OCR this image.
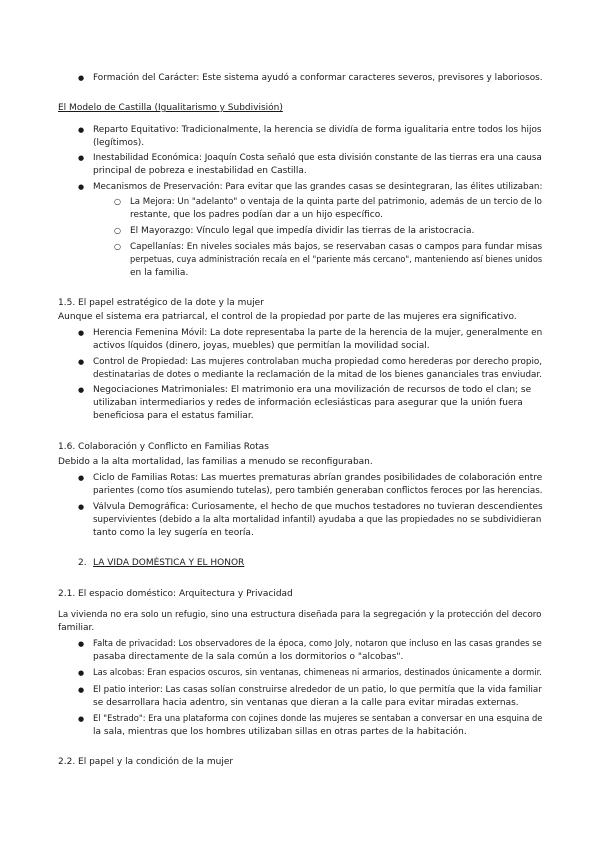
● Formación del Carácter: Este sistema ayudó a conformar caracteres severos, previsores y laboriosos.
El Modelo de Castilla (Igualitarismo y Subdivisión)
● Reparto Equitativo: Tradicionalmente, la herencia se dividía de forma igualitaria entre todos los hijos
(legítimos).
● Inestabilidad Económica: Joaquín Costa señaló que esta división constante de las tierras era una causa
principal de pobreza e inestabilidad en Castilla.
● Mecanismos de Preservación: Para evitar que las grandes casas se desintegraran, las élites utilizaban:
○ La Mejora: Un "adelanto" o ventaja de la quinta parte del patrimonio, además de un tercio de lo
restante, que los padres podían dar a un hijo específico.
○ El Mayorazgo: Vínculo legal que impedía dividir las tierras de la aristocracia.
○ Capellanías: En niveles sociales más bajos, se reservaban casas o campos para fundar misas
perpetuas, cuya administración recaía en el "pariente más cercano", manteniendo así bienes unidos
en la familia.
1.5. El papel estratégico de la dote y la mujer
Aunque el sistema era patriarcal, el control de la propiedad por parte de las mujeres era significativo.
● Herencia Femenina Móvil: La dote representaba la parte de la herencia de la mujer, generalmente en
activos líquidos (dinero, joyas, muebles) que permitían la movilidad social.
● Control de Propiedad: Las mujeres controlaban mucha propiedad como herederas por derecho propio,
destinatarias de dotes o mediante la reclamación de la mitad de los bienes gananciales tras enviudar.
● Negociaciones Matrimoniales: El matrimonio era una movilización de recursos de todo el clan; se
utilizaban intermediarios y redes de información eclesiásticas para asegurar que la unión fuera
beneficiosa para el estatus familiar.
1.6. Colaboración y Conflicto en Familias Rotas
Debido a la alta mortalidad, las familias a menudo se reconfiguraban.
● Ciclo de Familias Rotas: Las muertes prematuras abrían grandes posibilidades de colaboración entre
parientes (como tíos asumiendo tutelas), pero también generaban conflictos feroces por las herencias.
● Válvula Demográfica: Curiosamente, el hecho de que muchos testadores no tuvieran descendientes
supervivientes (debido a la alta mortalidad infantil) ayudaba a que las propiedades no se subdividieran
tanto como la ley sugería en teoría.
2. LA VIDA DOMÉSTICA Y EL HONOR
2.1. El espacio doméstico: Arquitectura y Privacidad
La vivienda no era solo un refugio, sino una estructura diseñada para la segregación y la protección del decoro
familiar.
● Falta de privacidad: Los observadores de la época, como Joly, notaron que incluso en las casas grandes se
pasaba directamente de la sala común a los dormitorios o "alcobas".
● Las alcobas: Eran espacios oscuros, sin ventanas, chimeneas ni armarios, destinados únicamente a dormir.
● El patio interior: Las casas solían construirse alrededor de un patio, lo que permitía que la vida familiar
se desarrollara hacia adentro, sin ventanas que dieran a la calle para evitar miradas externas.
● El "Estrado": Era una plataforma con cojines donde las mujeres se sentaban a conversar en una esquina de
la sala, mientras que los hombres utilizaban sillas en otras partes de la habitación.
2.2. El papel y la condición de la mujer
